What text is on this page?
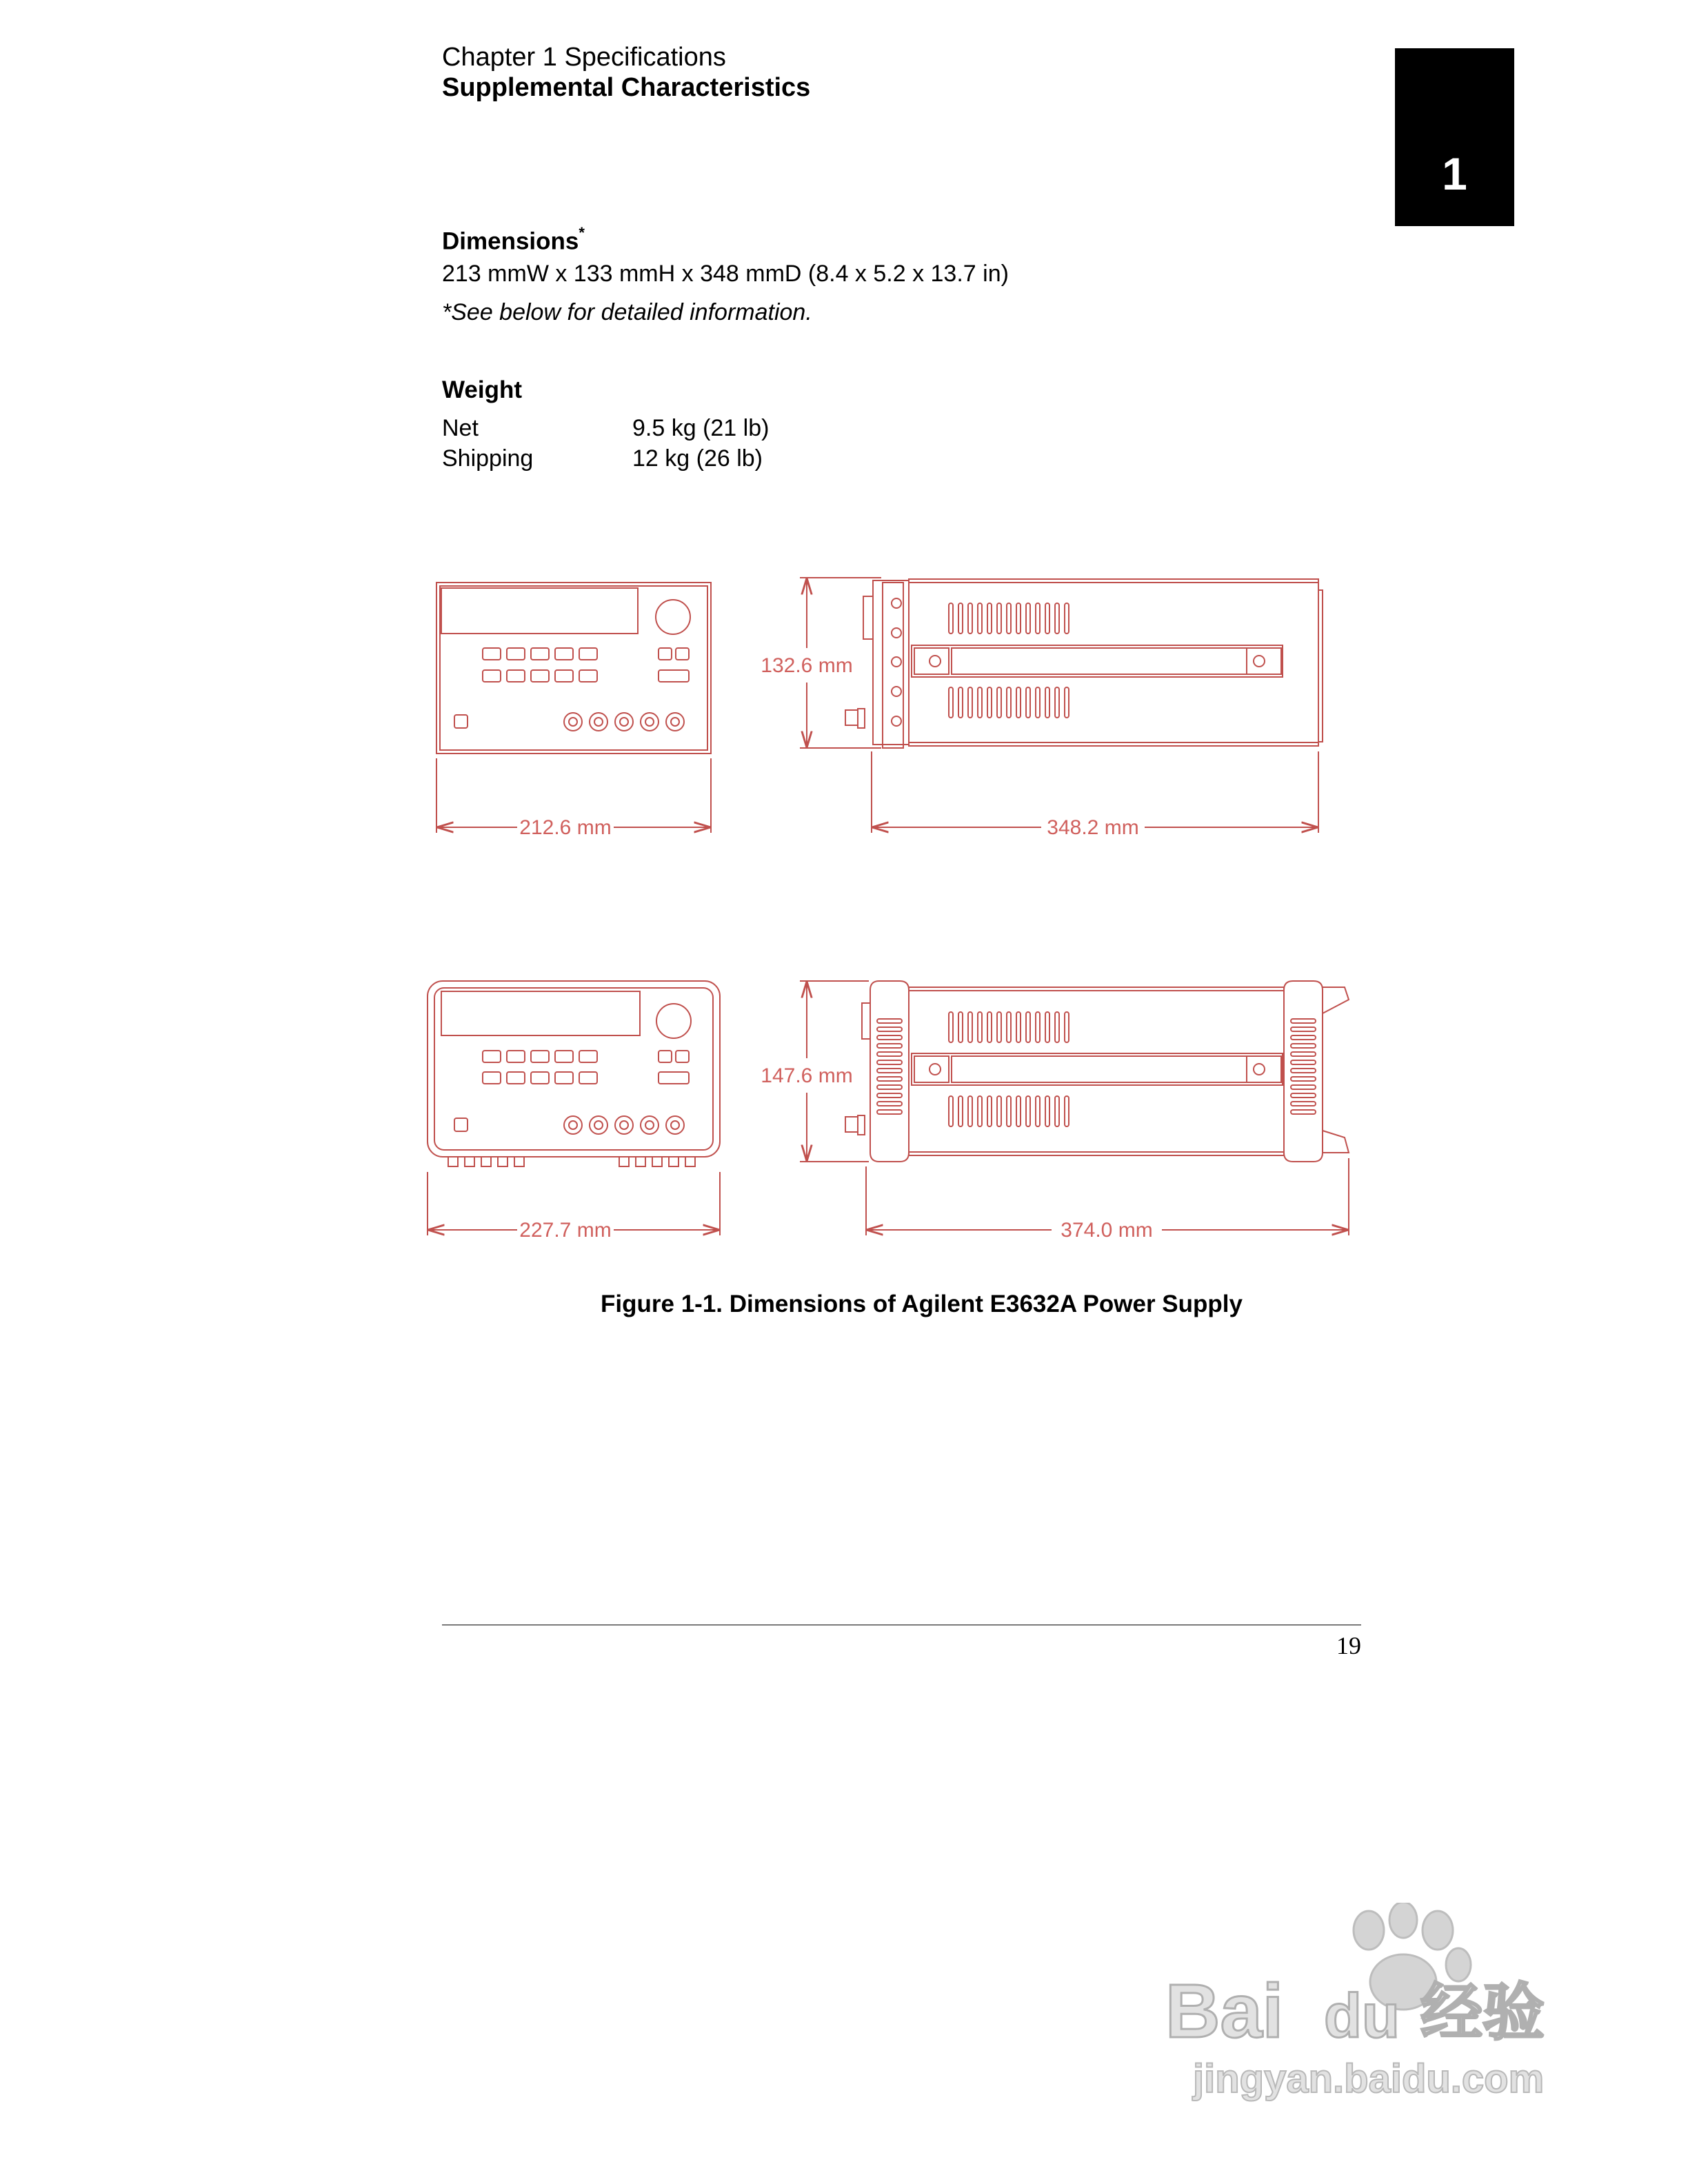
Chapter 1 Specifications
Supplemental Characteristics
1
Dimensions*
213 mmW x 133 mmH x 348 mmD (8.4 x 5.2 x 13.7 in)
*See below for detailed information.
Weight
Net	9.5 kg (21 lb)
Shipping	12 kg (26 lb)
212.6 mm
132.6 mm
348.2 mm
227.7 mm
147.6 mm
374.0 mm
Figure 1-1. Dimensions of Agilent E3632A Power Supply
19
Bai du 经验
jingyan.baidu.com
